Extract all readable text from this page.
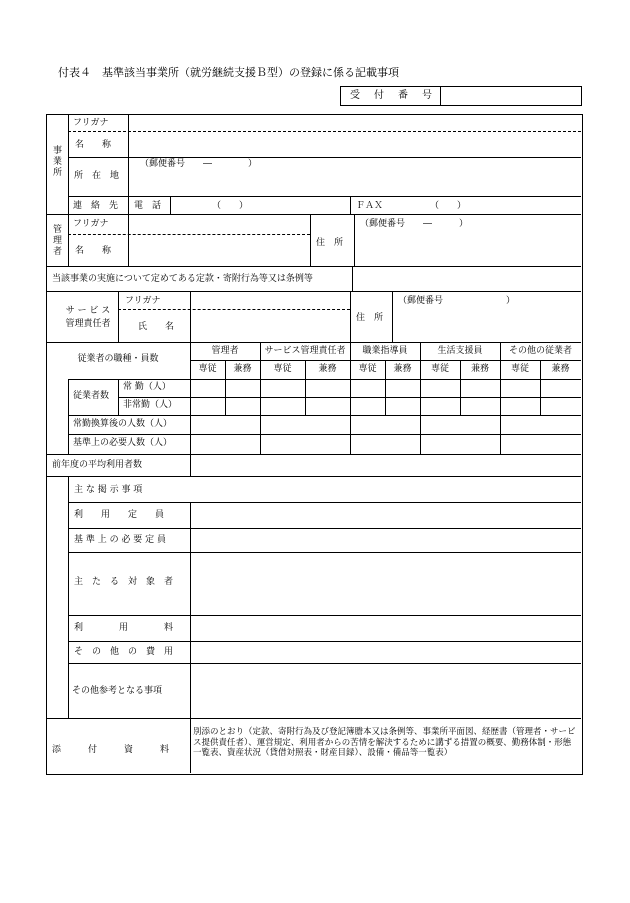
付表４　基準該当事業所（就労継続支援Ｂ型）の登録に係る記載事項
受　付　番　号
事業所
フリガナ
名　　称
所　在　地
（郵便番号　　―　　　　）
連　絡　先 電　話	（　　）	ＦＡＸ	（　　）
管理者
フリガナ
名　　称
住　所
（郵便番号　　―　　　）
当該事業の実施について定めてある定款・寄附行為等又は条例等
サ ー ビ ス
管理責任者
フリガナ
氏　　名
住　所
（郵便番号　　　　　　　）
従業者の職種・員数
管理者	サービス管理責任者	職業指導員	生活支援員	その他の従業者
専従	兼務	専従	兼務	専従	兼務	専従	兼務	専従	兼務
従業者数
常 勤（人）
非常勤（人）
常勤換算後の人数（人）
基準上の必要人数（人）
前年度の平均利用者数
主 な 掲 示 事 項
利　　用　　定　　員
基 準 上 の 必 要 定 員
主　た　る　対　象　者
利　　　　用　　　　料
そ　の　他　の　費　用
その他参考となる事項
添　　　付　　　資　　　料
別添のとおり（定款、寄附行為及び登記簿謄本又は条例等、事業所平面図、経歴書（管理者・サービス提供責任者）、運営規定、利用者からの苦情を解決するために講ずる措置の概要、勤務体制・形態一覧表、資産状況（貸借対照表・財産目録）、設備・備品等一覧表）
